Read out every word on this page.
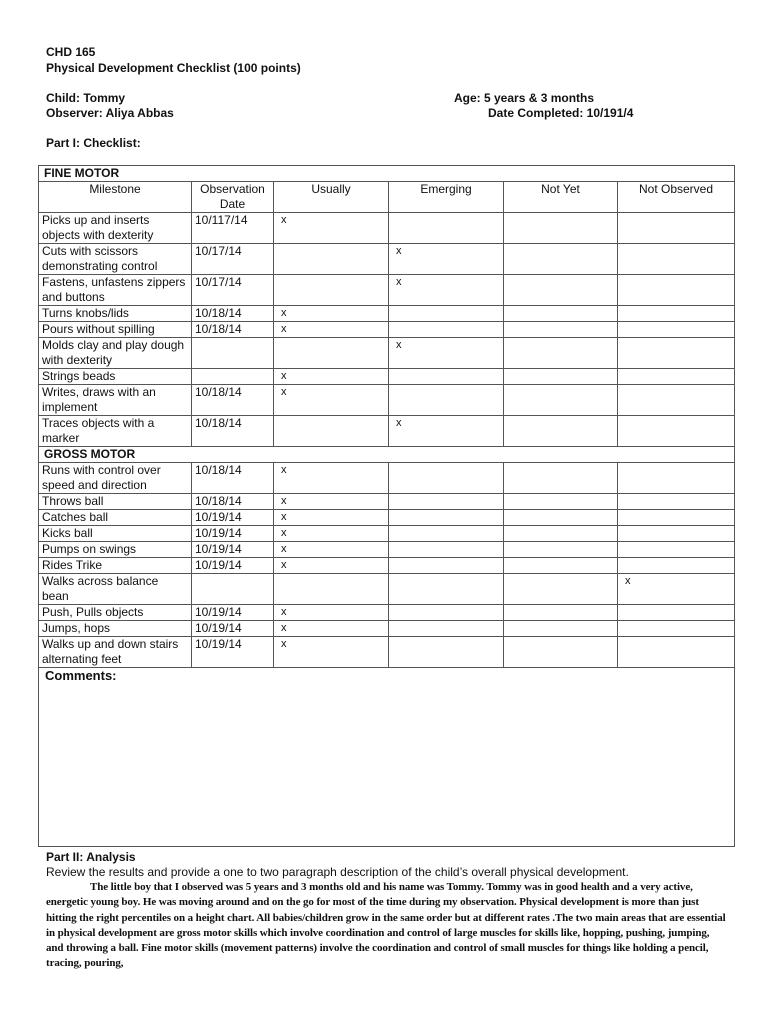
CHD 165
Physical Development Checklist (100 points)
Child: Tommy
Observer: Aliya Abbas
Age: 5 years & 3 months
Date Completed: 10/191/4
Part I: Checklist:
FINE MOTOR					
Milestone	Observation Date	Usually	Emerging	Not Yet	Not Observed
Picks up and inserts objects with dexterity	10/117/14	x			
Cuts with scissors demonstrating control	10/17/14		x		
Fastens, unfastens zippers and buttons	10/17/14		x		
Turns knobs/lids	10/18/14	x			
Pours without spilling	10/18/14	x			
Molds clay and play dough with dexterity			x		
Strings beads		x			
Writes, draws with an implement	10/18/14	x			
Traces objects with a marker	10/18/14		x		
GROSS MOTOR					
Runs with control over speed and direction	10/18/14	x			
Throws ball	10/18/14	x			
Catches ball	10/19/14	x			
Kicks ball	10/19/14	x			
Pumps on swings	10/19/14	x			
Rides Trike	10/19/14	x			
Walks across balance bean					x
Push, Pulls objects	10/19/14	x			
Jumps, hops	10/19/14	x			
Walks up and down stairs alternating feet	10/19/14	x			
Comments:					
Part II: Analysis
Review the results and provide a one to two paragraph description of the child’s overall physical development.
The little boy that I observed was 5 years and 3 months old and his name was Tommy. Tommy was in good health and a very active, energetic young boy. He was moving around and on the go for most of the time during my observation. Physical development is more than just hitting the right percentiles on a height chart. All babies/children grow in the same order but at different rates .The two main areas that are essential in physical development are gross motor skills which involve coordination and control of large muscles for skills like, hopping, pushing, jumping, and throwing a ball. Fine motor skills (movement patterns) involve the coordination and control of small muscles for things like holding a pencil, tracing, pouring,
